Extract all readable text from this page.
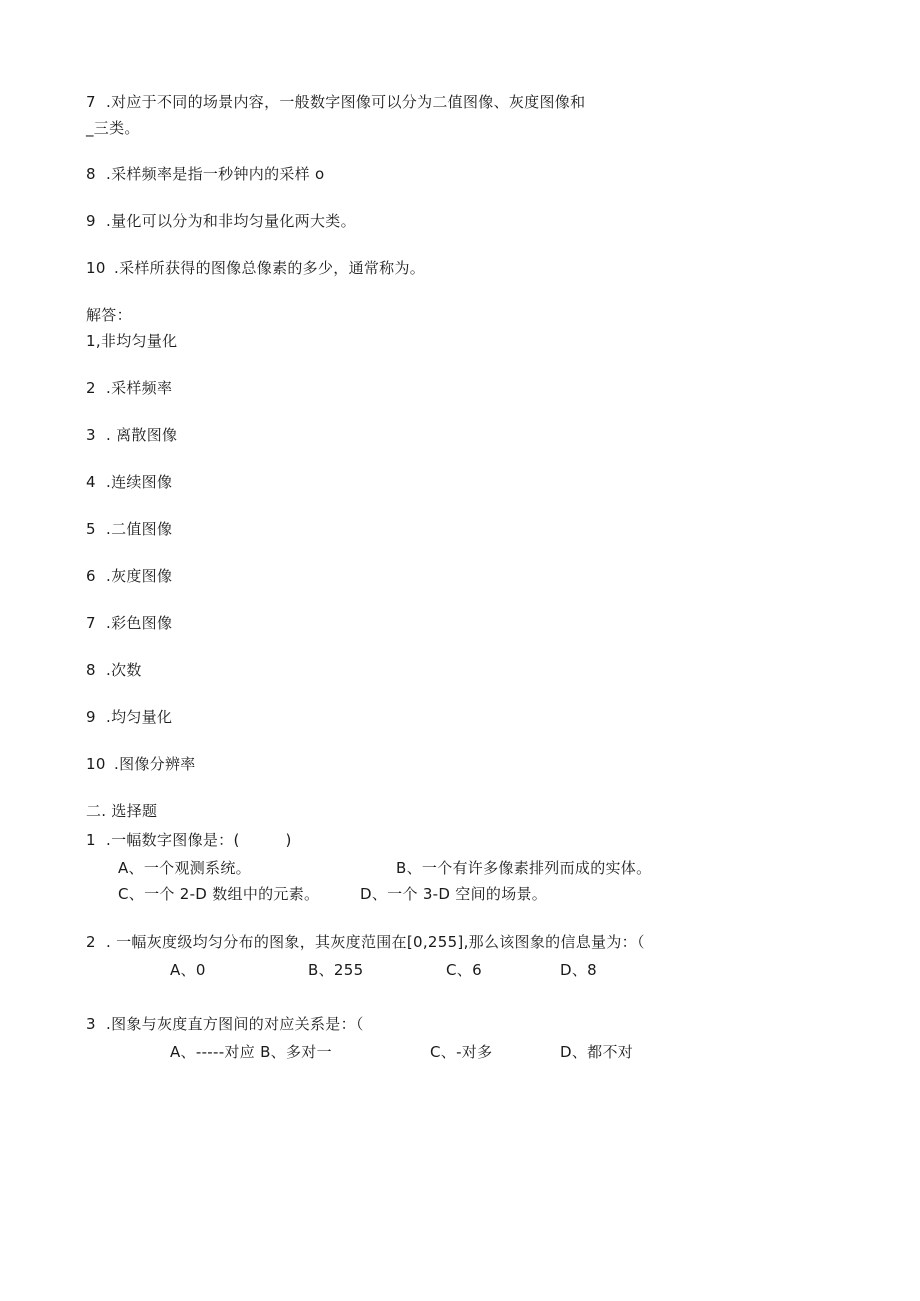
7 .对应于不同的场景内容，一般数字图像可以分为二值图像、灰度图像和
_三类。
8 .采样频率是指一秒钟内的采样 o
9 .量化可以分为和非均匀量化两大类。
10 .采样所获得的图像总像素的多少，通常称为。
解答：
1,非均匀量化
2 .采样频率
3 . 离散图像
4 .连续图像
5 .二值图像
6 .灰度图像
7 .彩色图像
8 .次数
9 .均匀量化
10 .图像分辨率
二. 选择题
1 .一幅数字图像是：(　　　)
A、一个观测系统。	B、一个有许多像素排列而成的实体。
C、一个 2-D 数组中的元素。	D、一个 3-D 空间的场景。
2 . 一幅灰度级均匀分布的图象，其灰度范围在[0,255],那么该图象的信息量为：（
A、0	B、255	C、6	D、8
3 .图象与灰度直方图间的对应关系是：（
A、-----对应 B、多对一	C、-对多	D、都不对
